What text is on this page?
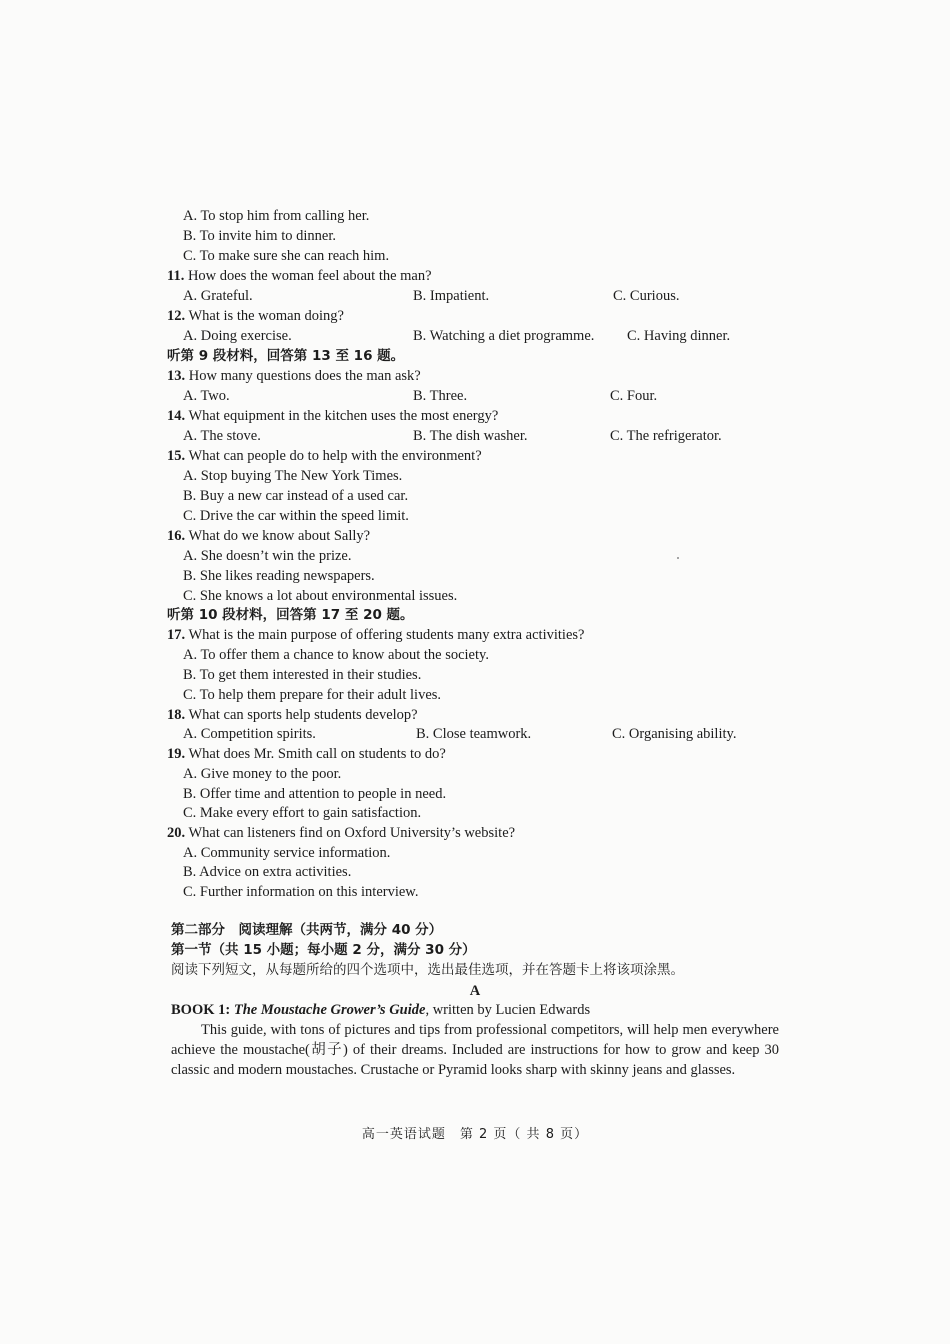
A. To stop him from calling her.
B. To invite him to dinner.
C. To make sure she can reach him.
11. How does the woman feel about the man?
A. Grateful.	B. Impatient.	C. Curious.
12. What is the woman doing?
A. Doing exercise.	B. Watching a diet programme. C. Having dinner.
听第 9 段材料，回答第 13 至 16 题。
13. How many questions does the man ask?
A. Two.	B. Three.	C. Four.
14. What equipment in the kitchen uses the most energy?
A. The stove.	B. The dish washer.	C. The refrigerator.
15. What can people do to help with the environment?
A. Stop buying The New York Times.
B. Buy a new car instead of a used car.
C. Drive the car within the speed limit.
16. What do we know about Sally?
A. She doesn’t win the prize.
B. She likes reading newspapers.
C. She knows a lot about environmental issues.
听第 10 段材料，回答第 17 至 20 题。
17. What is the main purpose of offering students many extra activities?
A. To offer them a chance to know about the society.
B. To get them interested in their studies.
C. To help them prepare for their adult lives.
18. What can sports help students develop?
A. Competition spirits.	B. Close teamwork.	C. Organising ability.
19. What does Mr. Smith call on students to do?
A. Give money to the poor.
B. Offer time and attention to people in need.
C. Make every effort to gain satisfaction.
20. What can listeners find on Oxford University’s website?
A. Community service information.
B. Advice on extra activities.
C. Further information on this interview.
第二部分　阅读理解（共两节，满分 40 分）
第一节（共 15 小题；每小题 2 分，满分 30 分）
阅读下列短文，从每题所给的四个选项中，选出最佳选项，并在答题卡上将该项涂黑。
A
BOOK 1: The Moustache Grower’s Guide, written by Lucien Edwards
This guide, with tons of pictures and tips from professional competitors, will help men everywhere achieve the moustache(胡子) of their dreams. Included are instructions for how to grow and keep 30 classic and modern moustaches. Crustache or Pyramid looks sharp with skinny jeans and glasses.
高一英语试题　第 2 页（ 共 8 页）
